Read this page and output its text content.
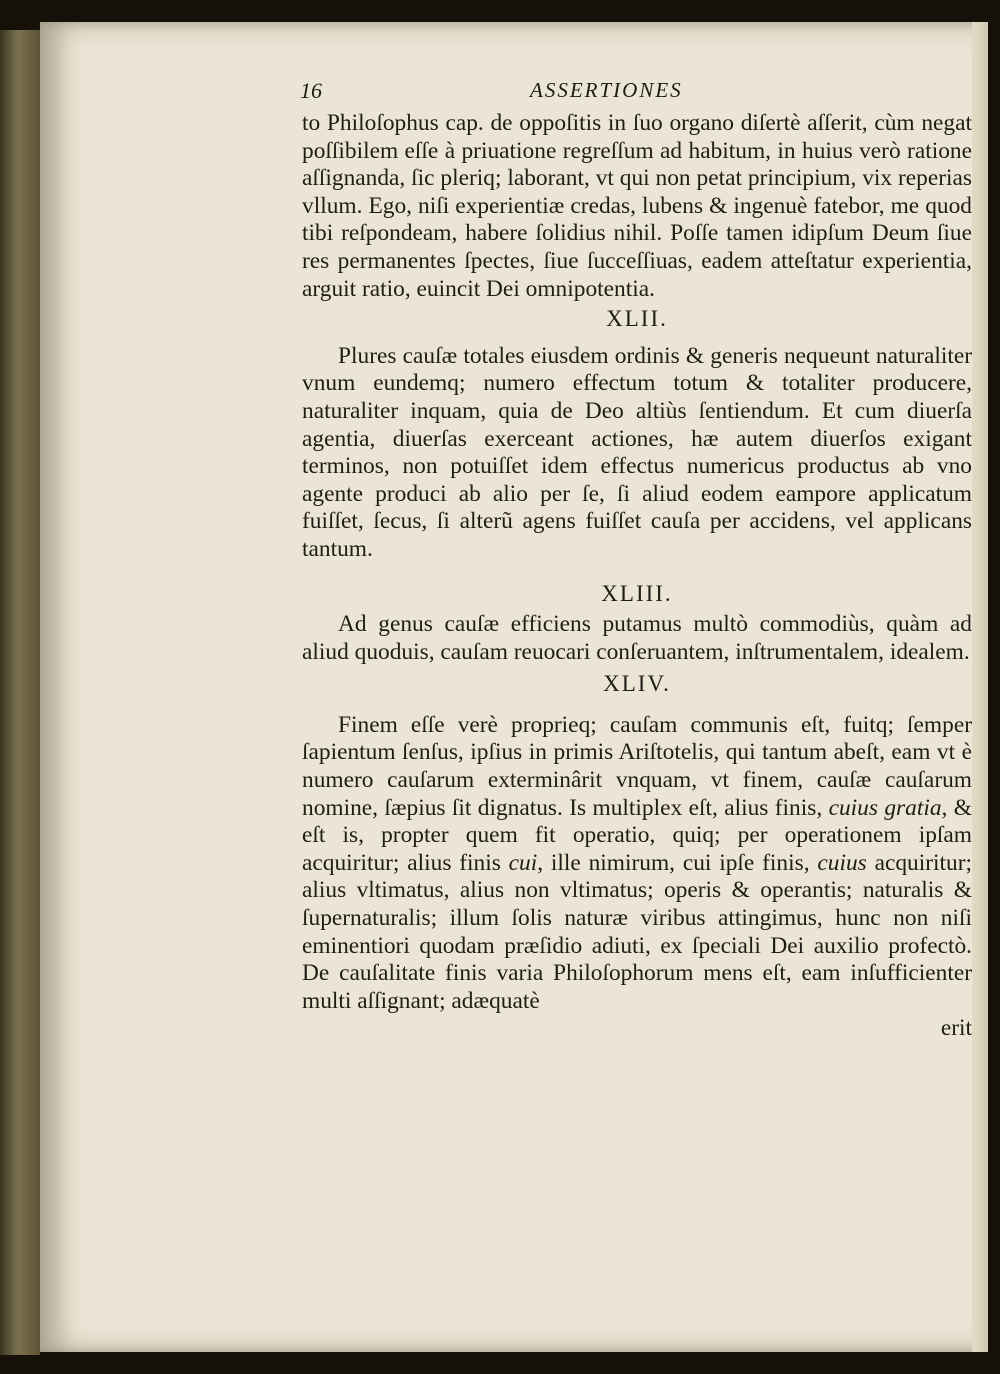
16	ASSERTIONES

to Philoſophus cap. de oppoſitis in ſuo organo diſertè aſſerit, cùm negat poſſibilem eſſe à priuatione regreſſum ad habitum, in huius verò ratione aſſignanda, ſic pleriq; laborant, vt qui non petat principium, vix reperias vllum. Ego, niſi experientiæ credas, lubens & ingenuè fatebor, me quod tibi reſpondeam, habere ſolidius nihil. Poſſe tamen idipſum Deum ſiue res permanentes ſpectes, ſiue ſucceſſiuas, eadem atteſtatur experientia, arguit ratio, euincit Dei omnipotentia.

XLII.

Plures cauſæ totales eiusdem ordinis & generis nequeunt naturaliter vnum eundemq; numero effectum totum & totaliter producere, naturaliter inquam, quia de Deo altiùs ſentiendum. Et cum diuerſa agentia, diuerſas exerceant actiones, hæ autem diuerſos exigant terminos, non potuiſſet idem effectus numericus productus ab vno agente produci ab alio per ſe, ſi aliud eodem eampore applicatum fuiſſet, ſecus, ſi alterũ agens fuiſſet cauſa per accidens, vel applicans tantum.

XLIII.

Ad genus cauſæ efficiens putamus multò commodiùs, quàm ad aliud quoduis, cauſam reuocari conſeruantem, inſtrumentalem, idealem.

XLIV.

Finem eſſe verè proprieq; cauſam communis eſt, fuitq; ſemper ſapientum ſenſus, ipſius in primis Ariſtotelis, qui tantum abeſt, eam vt è numero cauſarum exterminârit vnquam, vt finem, cauſæ cauſarum nomine, ſæpius ſit dignatus. Is multiplex eſt, alius finis, cuius gratia, & eſt is, propter quem fit operatio, quiq; per operationem ipſam acquiritur; alius finis cui, ille nimirum, cui ipſe finis, cuius acquiritur; alius vltimatus, alius non vltimatus; operis & operantis; naturalis & ſupernaturalis; illum ſolis naturæ viribus attingimus, hunc non niſi eminentiori quodam præſidio adiuti, ex ſpeciali Dei auxilio profectò. De cauſalitate finis varia Philoſophorum mens eſt, eam inſufficienter multi aſſignant; adæquatè

erit
